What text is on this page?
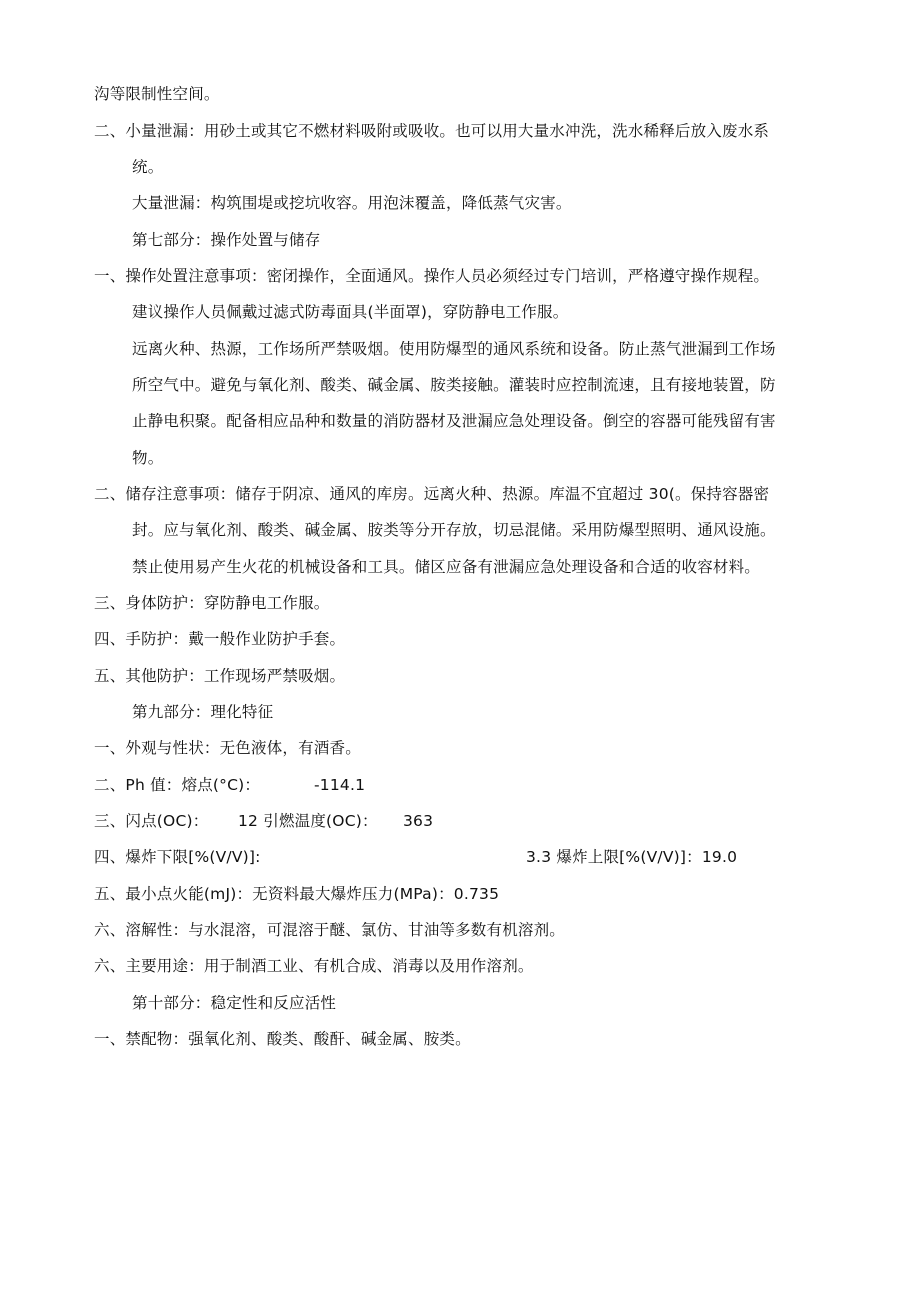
沟等限制性空间。
二、小量泄漏：用砂土或其它不燃材料吸附或吸收。也可以用大量水冲洗，洗水稀释后放入废水系
统。
大量泄漏：构筑围堤或挖坑收容。用泡沫覆盖，降低蒸气灾害。
第七部分：操作处置与储存
一、操作处置注意事项：密闭操作，全面通风。操作人员必须经过专门培训，严格遵守操作规程。
建议操作人员佩戴过滤式防毒面具(半面罩)，穿防静电工作服。
远离火种、热源，工作场所严禁吸烟。使用防爆型的通风系统和设备。防止蒸气泄漏到工作场
所空气中。避免与氧化剂、酸类、碱金属、胺类接触。灌装时应控制流速，且有接地装置，防
止静电积聚。配备相应品种和数量的消防器材及泄漏应急处理设备。倒空的容器可能残留有害
物。
二、储存注意事项：储存于阴凉、通风的库房。远离火种、热源。库温不宜超过 30(。保持容器密
封。应与氧化剂、酸类、碱金属、胺类等分开存放，切忌混储。采用防爆型照明、通风设施。
禁止使用易产生火花的机械设备和工具。储区应备有泄漏应急处理设备和合适的收容材料。
三、身体防护：穿防静电工作服。
四、手防护：戴一般作业防护手套。
五、其他防护：工作现场严禁吸烟。
第九部分：理化特征
一、外观与性状：无色液体，有酒香。
二、Ph 值：熔点(°C)：	-114.1
三、闪点(OC)： 12 引燃温度(OC)： 363
四、爆炸下限[%(V/V)]:	3.3 爆炸上限[%(V/V)]：19.0
五、最小点火能(mJ)：无资料最大爆炸压力(MPa)：0.735
六、溶解性：与水混溶，可混溶于醚、氯仿、甘油等多数有机溶剂。
六、主要用途：用于制酒工业、有机合成、消毒以及用作溶剂。
第十部分：稳定性和反应活性
一、禁配物：强氧化剂、酸类、酸酐、碱金属、胺类。
